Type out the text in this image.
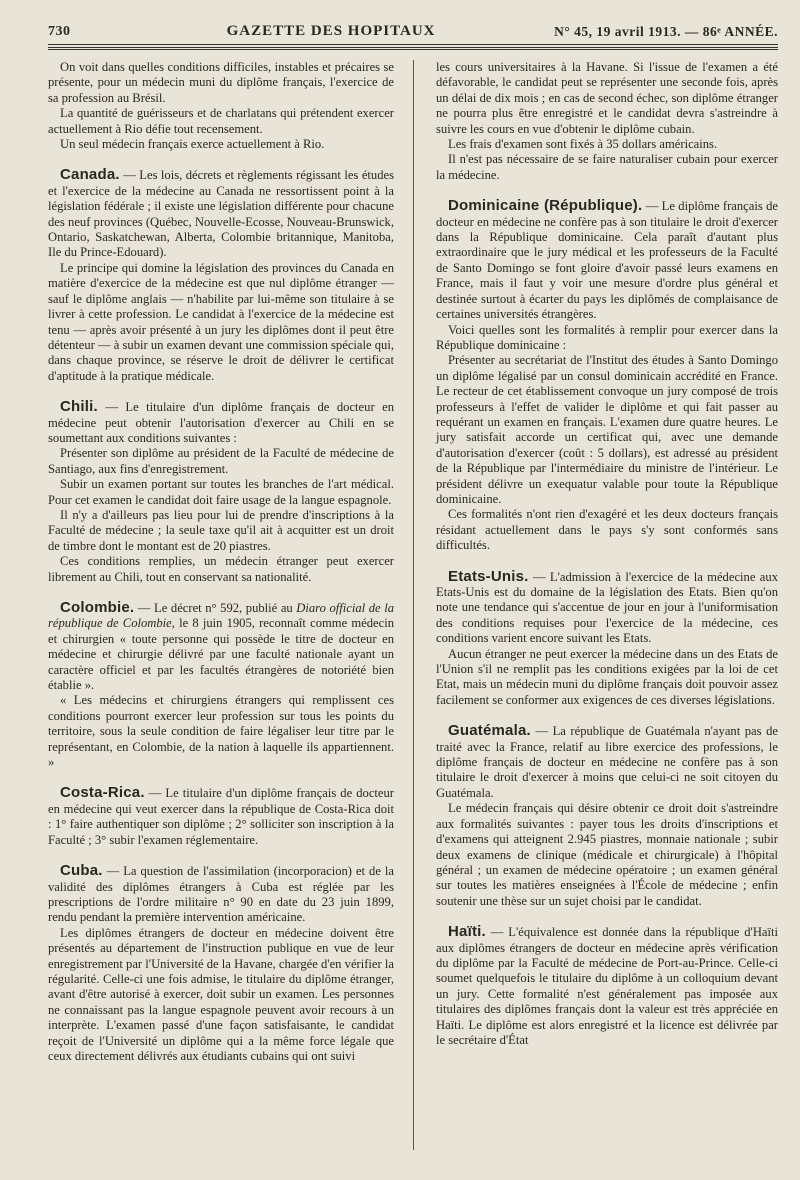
730	GAZETTE DES HOPITAUX	N° 45, 19 avril 1913. — 86ᵉ ANNÉE.

On voit dans quelles conditions difficiles, instables et précaires se présente, pour un médecin muni du diplôme français, l'exercice de sa profession au Brésil.

La quantité de guérisseurs et de charlatans qui prétendent exercer actuellement à Rio défie tout recensement.

Un seul médecin français exerce actuellement à Rio.

Canada. — Les lois, décrets et règlements régissant les études et l'exercice de la médecine au Canada ne ressortissent point à la législation fédérale ; il existe une législation différente pour chacune des neuf provinces (Québec, Nouvelle-Ecosse, Nouveau-Brunswick, Ontario, Saskatchewan, Alberta, Colombie britannique, Manitoba, Ile du Prince-Edouard).

Le principe qui domine la législation des provinces du Canada en matière d'exercice de la médecine est que nul diplôme étranger — sauf le diplôme anglais — n'habilite par lui-même son titulaire à se livrer à cette profession. Le candidat à l'exercice de la médecine est tenu — après avoir présenté à un jury les diplômes dont il peut être détenteur — à subir un examen devant une commission spéciale qui, dans chaque province, se réserve le droit de délivrer le certificat d'aptitude à la pratique médicale.

Chili. — Le titulaire d'un diplôme français de docteur en médecine peut obtenir l'autorisation d'exercer au Chili en se soumettant aux conditions suivantes :

Présenter son diplôme au président de la Faculté de médecine de Santiago, aux fins d'enregistrement.

Subir un examen portant sur toutes les branches de l'art médical. Pour cet examen le candidat doit faire usage de la langue espagnole.

Il n'y a d'ailleurs pas lieu pour lui de prendre d'inscriptions à la Faculté de médecine ; la seule taxe qu'il ait à acquitter est un droit de timbre dont le montant est de 20 piastres.

Ces conditions remplies, un médecin étranger peut exercer librement au Chili, tout en conservant sa nationalité.

Colombie. — Le décret n° 592, publié au Diaro official de la république de Colombie, le 8 juin 1905, reconnaît comme médecin et chirurgien « toute personne qui possède le titre de docteur en médecine et chirurgie délivré par une faculté nationale ayant un caractère officiel et par les facultés étrangères de notoriété bien établie ».

« Les médecins et chirurgiens étrangers qui remplissent ces conditions pourront exercer leur profession sur tous les points du territoire, sous la seule condition de faire légaliser leur titre par le représentant, en Colombie, de la nation à laquelle ils appartiennent. »

Costa-Rica. — Le titulaire d'un diplôme français de docteur en médecine qui veut exercer dans la république de Costa-Rica doit : 1° faire authentiquer son diplôme ; 2° solliciter son inscription à la Faculté ; 3° subir l'examen réglementaire.

Cuba. — La question de l'assimilation (incorporacion) et de la validité des diplômes étrangers à Cuba est réglée par les prescriptions de l'ordre militaire n° 90 en date du 23 juin 1899, rendu pendant la première intervention américaine.

Les diplômes étrangers de docteur en médecine doivent être présentés au département de l'instruction publique en vue de leur enregistrement par l'Université de la Havane, chargée d'en vérifier la régularité. Celle-ci une fois admise, le titulaire du diplôme étranger, avant d'être autorisé à exercer, doit subir un examen. Les personnes ne connaissant pas la langue espagnole peuvent avoir recours à un interprète. L'examen passé d'une façon satisfaisante, le candidat reçoit de l'Université un diplôme qui a la même force légale que ceux directement délivrés aux étudiants cubains qui ont suivi

les cours universitaires à la Havane. Si l'issue de l'examen a été défavorable, le candidat peut se représenter une seconde fois, après un délai de dix mois ; en cas de second échec, son diplôme étranger ne pourra plus être enregistré et le candidat devra s'astreindre à suivre les cours en vue d'obtenir le diplôme cubain.

Les frais d'examen sont fixés à 35 dollars américains.

Il n'est pas nécessaire de se faire naturaliser cubain pour exercer la médecine.

Dominicaine (République). — Le diplôme français de docteur en médecine ne confère pas à son titulaire le droit d'exercer dans la République dominicaine. Cela paraît d'autant plus extraordinaire que le jury médical et les professeurs de la Faculté de Santo Domingo se font gloire d'avoir passé leurs examens en France, mais il faut y voir une mesure d'ordre plus général et destinée surtout à écarter du pays les diplômés de complaisance de certaines universités étrangères.

Voici quelles sont les formalités à remplir pour exercer dans la République dominicaine :

Présenter au secrétariat de l'Institut des études à Santo Domingo un diplôme légalisé par un consul dominicain accrédité en France. Le recteur de cet établissement convoque un jury composé de trois professeurs à l'effet de valider le diplôme et qui fait passer au requérant un examen en français. L'examen dure quatre heures. Le jury satisfait accorde un certificat qui, avec une demande d'autorisation d'exercer (coût : 5 dollars), est adressé au président de la République par l'intermédiaire du ministre de l'intérieur. Le président délivre un exequatur valable pour toute la République dominicaine.

Ces formalités n'ont rien d'exagéré et les deux docteurs français résidant actuellement dans le pays s'y sont conformés sans difficultés.

Etats-Unis. — L'admission à l'exercice de la médecine aux Etats-Unis est du domaine de la législation des Etats. Bien qu'on note une tendance qui s'accentue de jour en jour à l'uniformisation des conditions requises pour l'exercice de la médecine, ces conditions varient encore suivant les Etats.

Aucun étranger ne peut exercer la médecine dans un des Etats de l'Union s'il ne remplit pas les conditions exigées par la loi de cet Etat, mais un médecin muni du diplôme français doit pouvoir assez facilement se conformer aux exigences de ces diverses législations.

Guatémala. — La république de Guatémala n'ayant pas de traité avec la France, relatif au libre exercice des professions, le diplôme français de docteur en médecine ne confère pas à son titulaire le droit d'exercer à moins que celui-ci ne soit citoyen du Guatémala.

Le médecin français qui désire obtenir ce droit doit s'astreindre aux formalités suivantes : payer tous les droits d'inscriptions et d'examens qui atteignent 2.945 piastres, monnaie nationale ; subir deux examens de clinique (médicale et chirurgicale) à l'hôpital général ; un examen de médecine opératoire ; un examen général sur toutes les matières enseignées à l'École de médecine ; enfin soutenir une thèse sur un sujet choisi par le candidat.

Haïti. — L'équivalence est donnée dans la république d'Haïti aux diplômes étrangers de docteur en médecine après vérification du diplôme par la Faculté de médecine de Port-au-Prince. Celle-ci soumet quelquefois le titulaire du diplôme à un colloquium devant un jury. Cette formalité n'est généralement pas imposée aux titulaires des diplômes français dont la valeur est très appréciée en Haïti. Le diplôme est alors enregistré et la licence est délivrée par le secrétaire d'État
